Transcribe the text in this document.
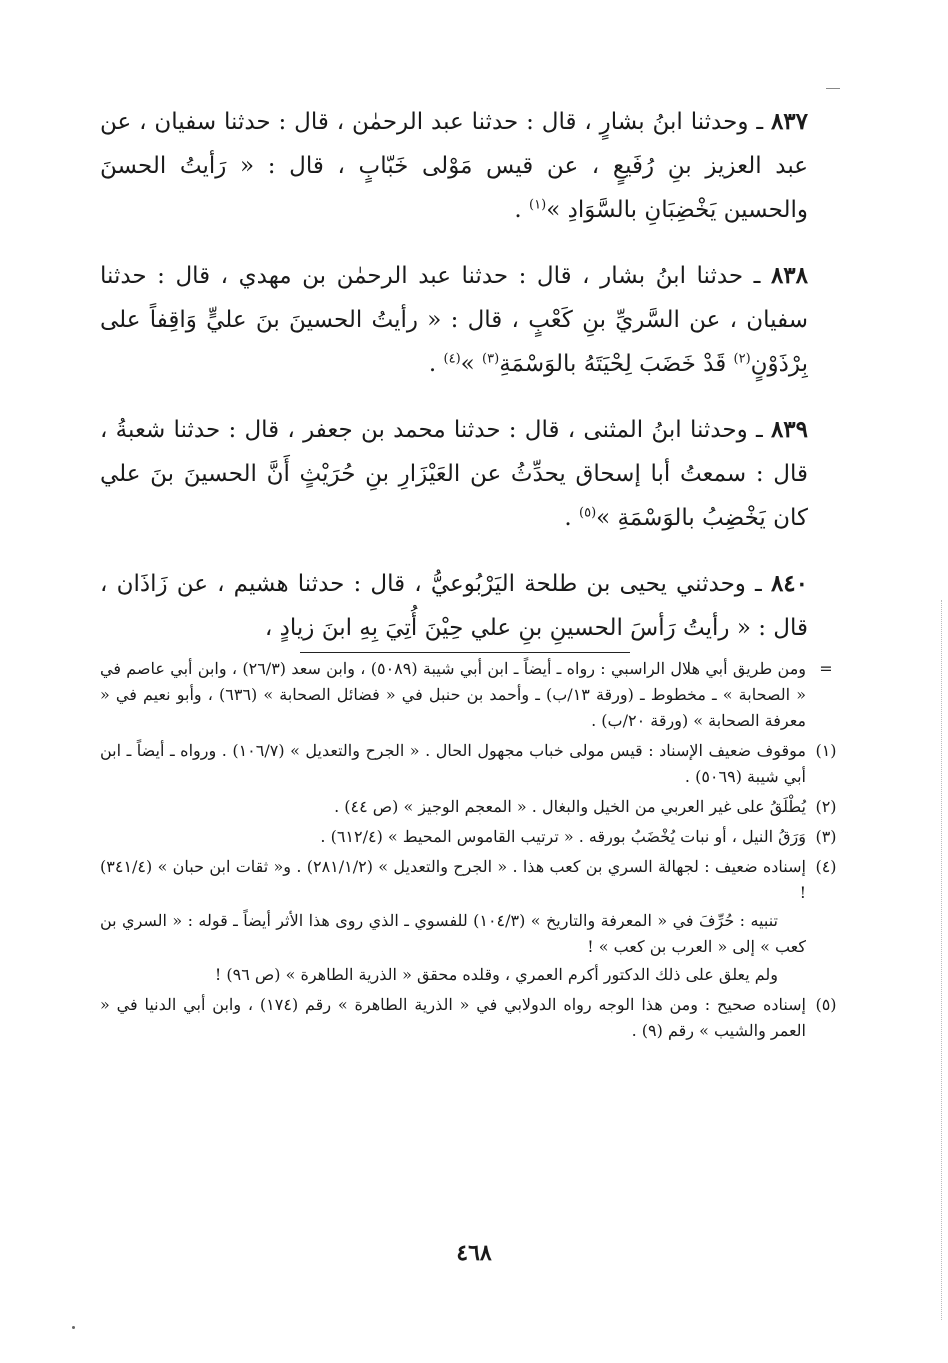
٨٣٧ ـ وحدثنا ابنُ بشارٍ ، قال : حدثنا عبد الرحمٰن ، قال : حدثنا سفيان ، عن عبد العزيز بنِ رُفَيعٍ ، عن قيس مَوْلى خَبّابٍ ، قال : « رَأيتُ الحسنَ والحسين يَخْضِبَانِ بالسَّوَادِ »$^{(١)}$ .

٨٣٨ ـ حدثنا ابنُ بشار ، قال : حدثنا عبد الرحمٰن بن مهدي ، قال : حدثنا سفيان ، عن السَّريِّ بنِ كَعْبٍ ، قال : « رأيتُ الحسينَ بنَ عليٍّ وَاقِفاً على بِرْذَوْنٍ$^{(٢)}$ قَدْ خَضَبَ لِحْيَتَهُ بالوَسْمَةِ$^{(٣)}$ »$^{(٤)}$ .

٨٣٩ ـ وحدثنا ابنُ المثنى ، قال : حدثنا محمد بن جعفر ، قال : حدثنا شعبةُ ، قال : سمعتُ أبا إسحاق يحدِّثُ عن العَيْزَارِ بنِ حُرَيْثٍ أَنَّ الحسينَ بنَ علي كان يَخْضِبُ بالوَسْمَةِ »$^{(٥)}$ .

٨٤٠ ـ وحدثني يحيى بن طلحة اليَرْبُوعيُّ ، قال : حدثنا هشيم ، عن زَاذَان ، قال : « رأيتُ رَأسَ الحسينِ بنِ علي حِيْنَ أُتِيَ بِهِ ابنَ زيادٍ ،

=

ومن طريق أبي هلال الراسبي : رواه ـ أيضاً ـ ابن أبي شيبة (٥٠٨٩) ، وابن سعد (٢٦/٣) ، وابن أبي عاصم في « الصحابة » ـ مخطوط ـ (ورقة ١٣/ب) ـ وأحمد بن حنبل في « فضائل الصحابة » (٦٣٦) ، وأبو نعيم في « معرفة الصحابة » (ورقة ٢٠/ب) .

(١)

موقوف ضعيف الإسناد : قيس مولى خباب مجهول الحال . « الجرح والتعديل » (١٠٦/٧) . ورواه ـ أيضاً ـ ابن أبي شيبة (٥٠٦٩) .

(٢)

يُطْلَقُ على غير العربي من الخيل والبغال . « المعجم الوجيز » (ص ٤٤) .

(٣)

وَرَقُ النيل ، أو نبات يُخْضَبُ بورقه . « ترتيب القاموس المحيط » (٦١٢/٤) .

(٤)

إسناده ضعيف : لجهالة السري بن كعب هذا . « الجرح والتعديل » (٢٨١/١/٢) . و« ثقات ابن حبان » (٣٤١/٤) !

تنبيه : حُرِّفَ في « المعرفة والتاريخ » (١٠٤/٣) للفسوي ـ الذي روى هذا الأثر أيضاً ـ قوله : « السري بن كعب » إلى « العرب بن كعب » !

ولم يعلق على ذلك الدكتور أكرم العمري ، وقلده محقق « الذرية الطاهرة » (ص ٩٦) !

(٥)

إسناده صحيح : ومن هذا الوجه رواه الدولابي في « الذرية الطاهرة » رقم (١٧٤) ، وابن أبي الدنيا في « العمر والشيب » رقم (٩) .

٤٦٨
